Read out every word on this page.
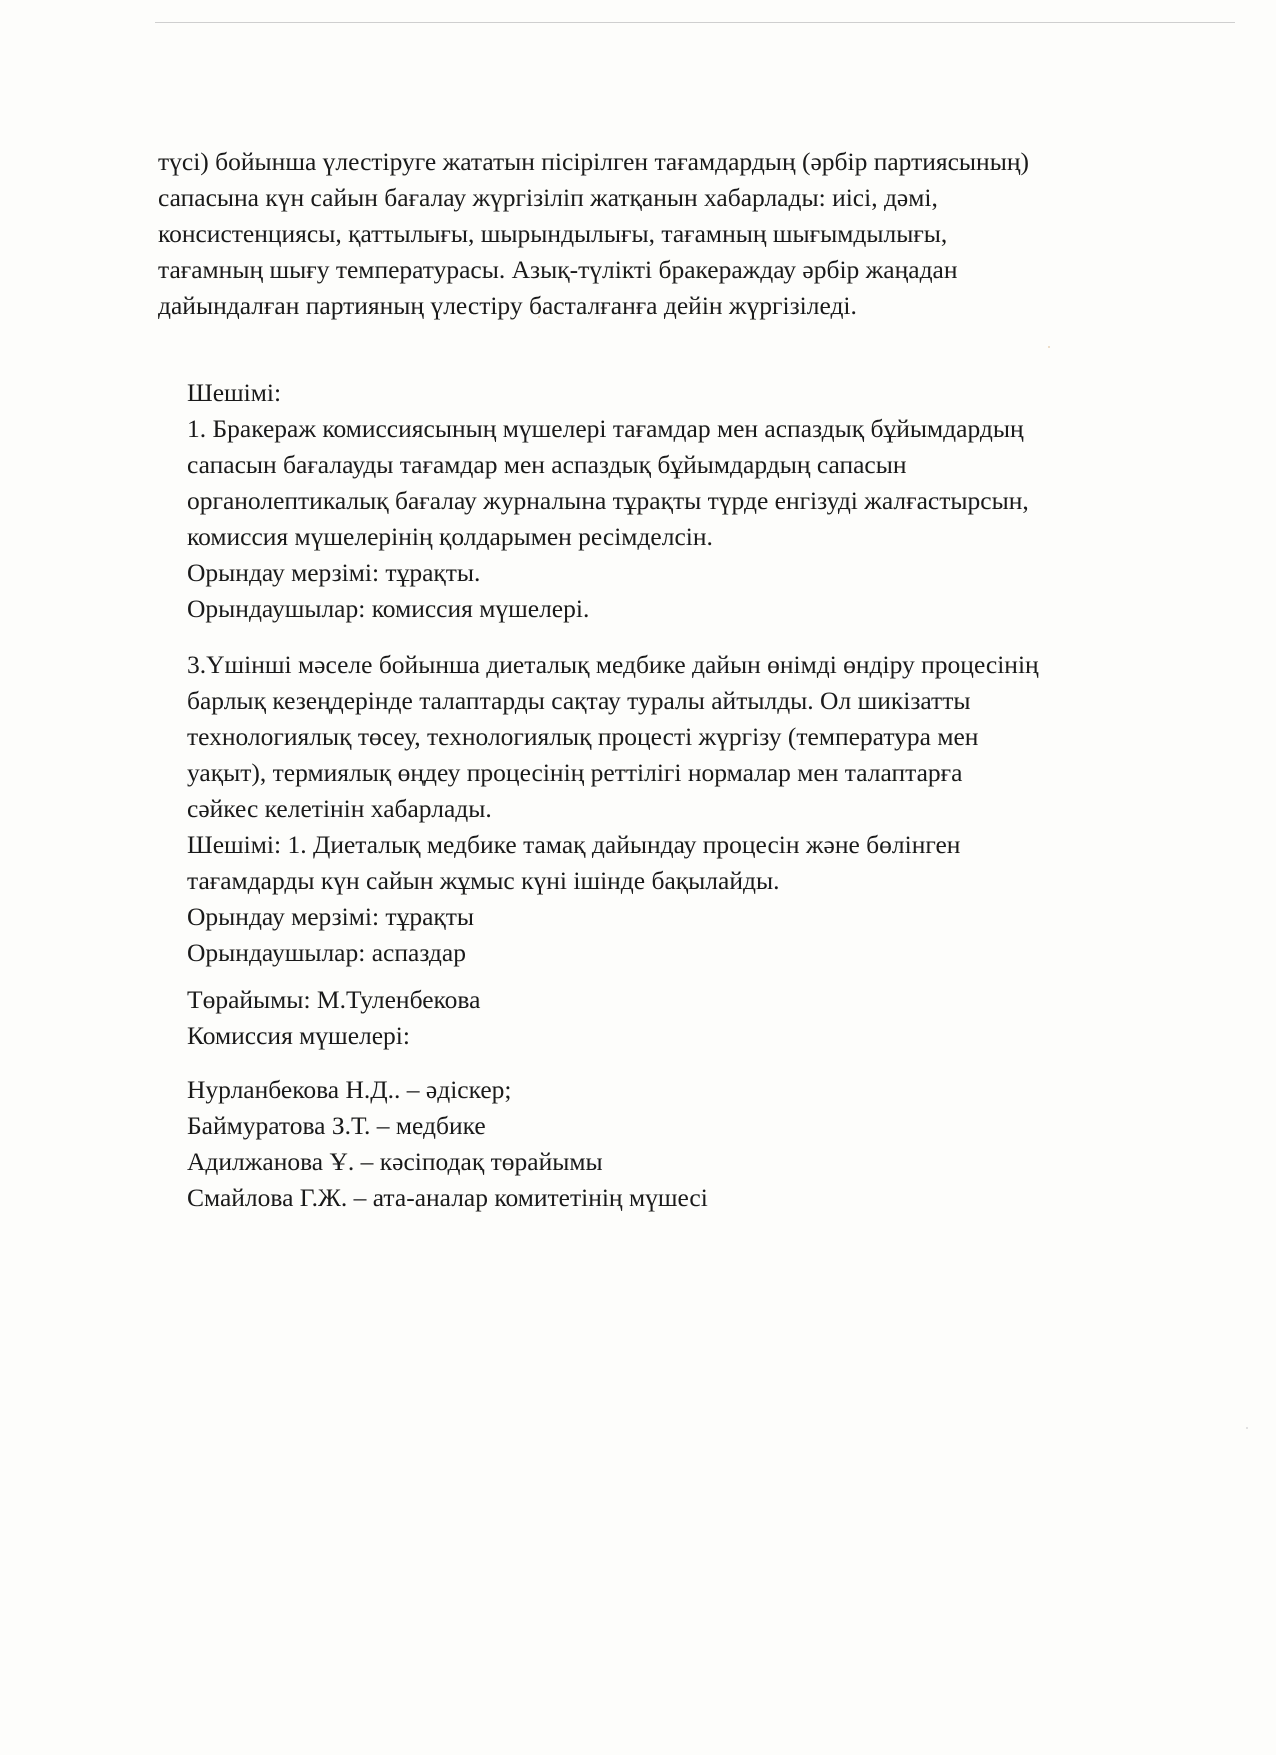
түсі) бойынша үлестіруге жататын пісірілген тағамдардың (әрбір партиясының)
сапасына күн сайын бағалау жүргізіліп жатқанын хабарлады: иісі, дәмі,
консистенциясы, қаттылығы, шырындылығы, тағамның шығымдылығы,
тағамның шығу температурасы. Азық-түлікті бракераждау әрбір жаңадан
дайындалған партияның үлестіру басталғанға дейін жүргізіледі.
Шешімі:
1. Бракераж комиссиясының мүшелері тағамдар мен аспаздық бұйымдардың
сапасын бағалауды тағамдар мен аспаздық бұйымдардың сапасын
органолептикалық бағалау журналына тұрақты түрде енгізуді жалғастырсын,
комиссия мүшелерінің қолдарымен ресімделсін.
Орындау мерзімі: тұрақты.
Орындаушылар: комиссия мүшелері.
3.Үшінші мәселе бойынша диеталық медбике дайын өнімді өндіру процесінің
барлық кезеңдерінде талаптарды сақтау туралы айтылды. Ол шикізатты
технологиялық төсеу, технологиялық процесті жүргізу (температура мен
уақыт), термиялық өңдеу процесінің реттілігі нормалар мен талаптарға
сәйкес келетінін хабарлады.
Шешімі: 1. Диеталық медбике тамақ дайындау процесін және бөлінген
тағамдарды күн сайын жұмыс күні ішінде бақылайды.
Орындау мерзімі: тұрақты
Орындаушылар: аспаздар
Төрайымы: М.Туленбекова
Комиссия мүшелері:
Нурланбекова Н.Д.. – әдіскер;
Баймуратова З.Т. – медбике
Адилжанова Ұ. – кәсіподақ төрайымы
Смайлова Г.Ж. – ата-аналар комитетінің мүшесі
